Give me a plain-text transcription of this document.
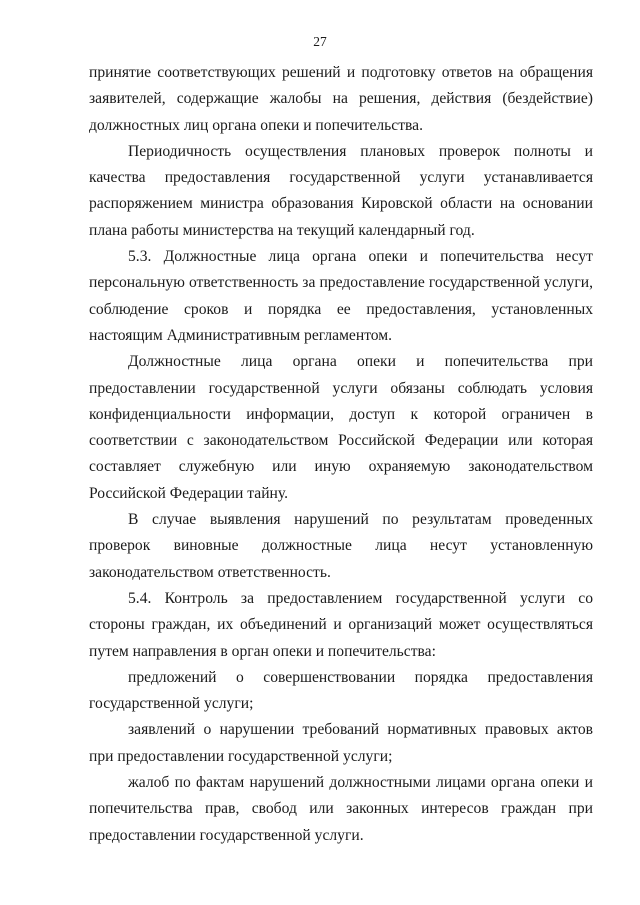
27

принятие соответствующих решений и подготовку ответов на обращения заявителей, содержащие жалобы на решения, действия (бездействие) должностных лиц органа опеки и попечительства.

Периодичность осуществления плановых проверок полноты и качества предоставления государственной услуги устанавливается распоряжением министра образования Кировской области на основании плана работы министерства на текущий календарный год.

5.3. Должностные лица органа опеки и попечительства несут персональную ответственность за предоставление государственной услуги, соблюдение сроков и порядка ее предоставления, установленных настоящим Административным регламентом.

Должностные лица органа опеки и попечительства при предоставлении государственной услуги обязаны соблюдать условия конфиденциальности информации, доступ к которой ограничен в соответствии с законодательством Российской Федерации или которая составляет служебную или иную охраняемую законодательством Российской Федерации тайну.

В случае выявления нарушений по результатам проведенных проверок виновные должностные лица несут установленную законодательством ответственность.

5.4. Контроль за предоставлением государственной услуги со стороны граждан, их объединений и организаций может осуществляться путем направления в орган опеки и попечительства:

предложений о совершенствовании порядка предоставления государственной услуги;

заявлений о нарушении требований нормативных правовых актов при предоставлении государственной услуги;

жалоб по фактам нарушений должностными лицами органа опеки и попечительства прав, свобод или законных интересов граждан при предоставлении государственной услуги.
